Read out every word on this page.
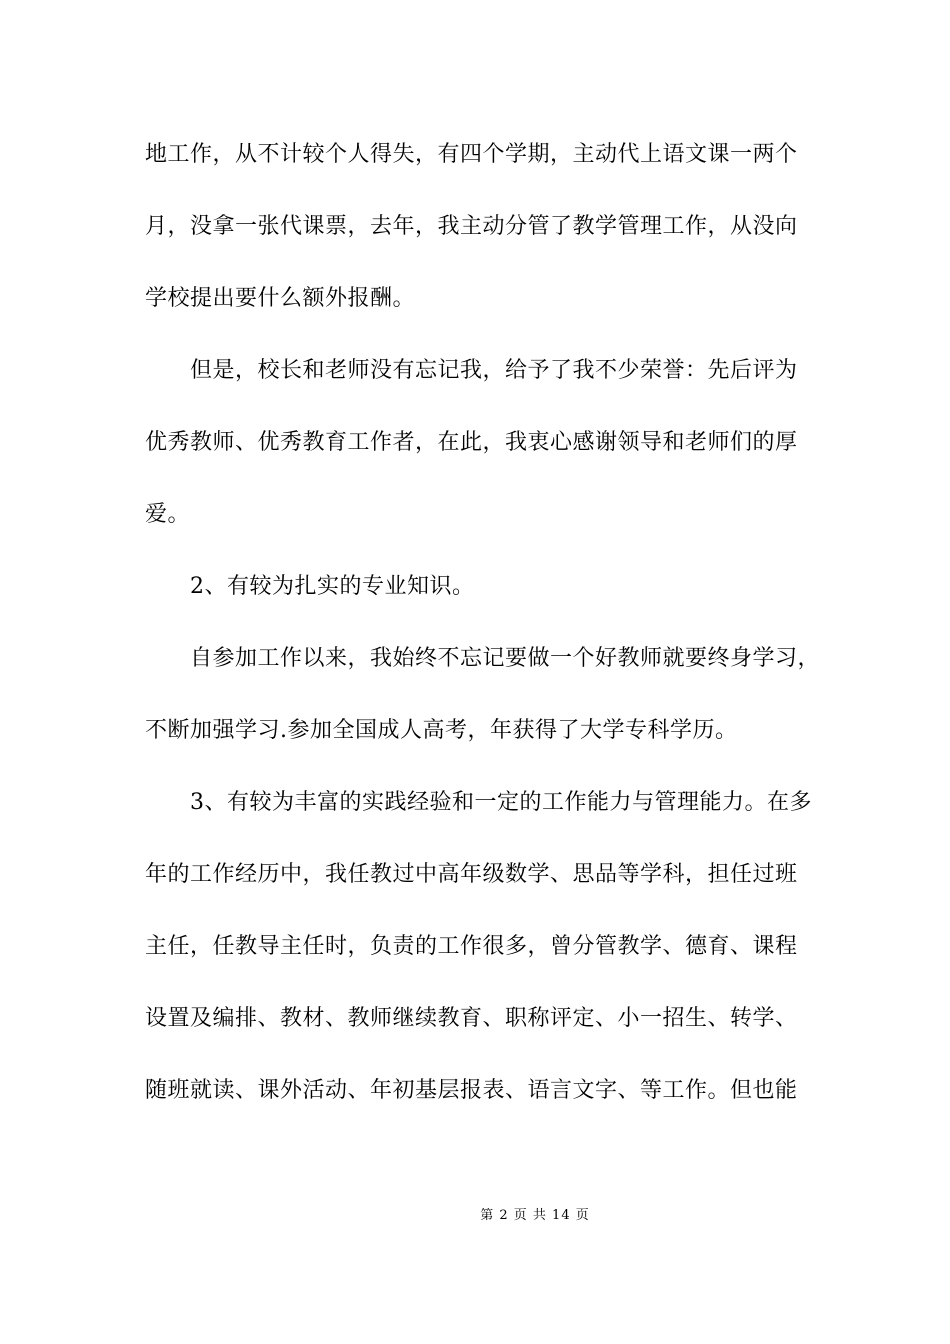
地工作，从不计较个人得失，有四个学期，主动代上语文课一两个
月，没拿一张代课票，去年，我主动分管了教学管理工作，从没向
学校提出要什么额外报酬。
但是，校长和老师没有忘记我，给予了我不少荣誉：先后评为
优秀教师、优秀教育工作者，在此，我衷心感谢领导和老师们的厚
爱。
2、有较为扎实的专业知识。
自参加工作以来，我始终不忘记要做一个好教师就要终身学习，
不断加强学习.参加全国成人高考，年获得了大学专科学历。
3、有较为丰富的实践经验和一定的工作能力与管理能力。在多
年的工作经历中，我任教过中高年级数学、思品等学科，担任过班
主任，任教导主任时，负责的工作很多，曾分管教学、德育、课程
设置及编排、教材、教师继续教育、职称评定、小一招生、转学、
随班就读、课外活动、年初基层报表、语言文字、等工作。但也能
第 2 页 共 14 页
